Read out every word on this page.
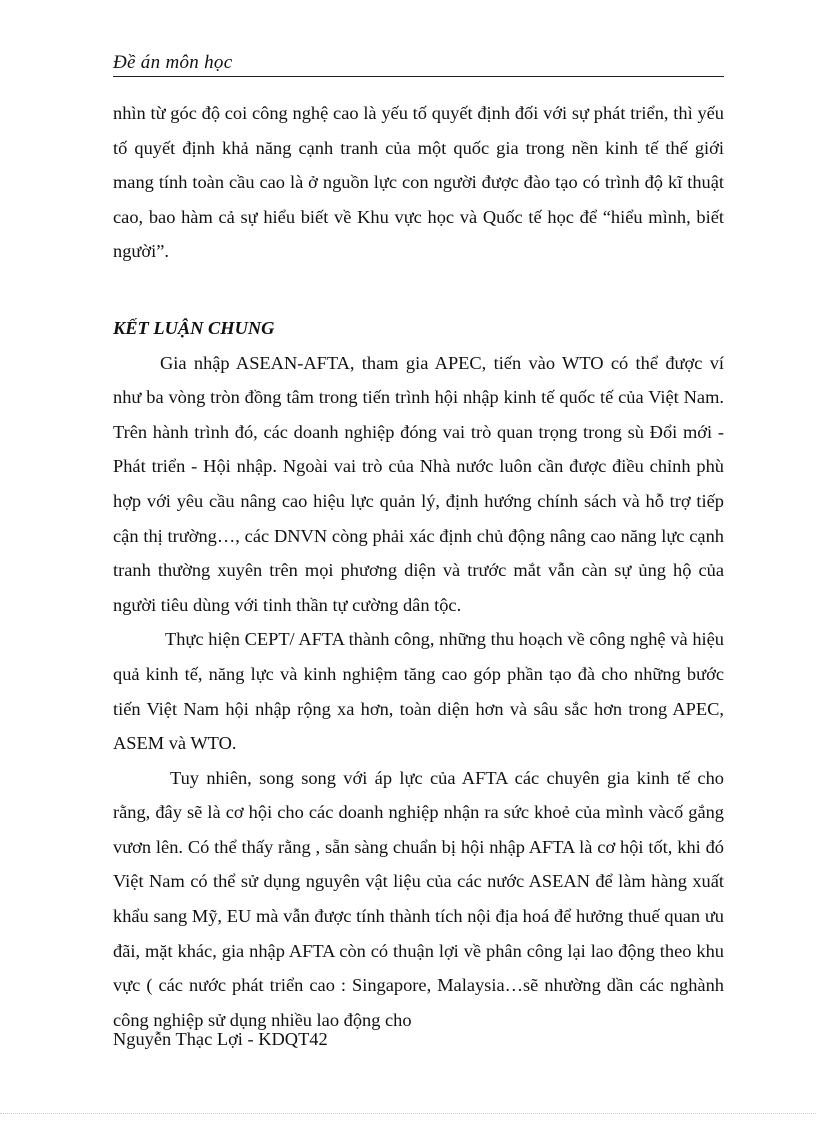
Đề án môn học

nhìn từ góc độ coi công nghệ cao là yếu tố quyết định đối với sự phát triển, thì yếu tố quyết định khả năng cạnh tranh của một quốc gia trong nền kinh tế thế giới mang tính toàn cầu cao là ở nguồn lực con người được đào tạo có trình độ kĩ thuật cao, bao hàm cả sự hiểu biết về Khu vực học và Quốc tế học để “hiểu mình, biết người”.

KẾT LUẬN CHUNG

Gia nhập ASEAN-AFTA, tham gia APEC, tiến vào WTO có thể được ví như ba vòng tròn đồng tâm trong tiến trình hội nhập kinh tế quốc tế của Việt Nam. Trên hành trình đó, các doanh nghiệp đóng vai trò quan trọng trong sù Đổi mới - Phát triển - Hội nhập. Ngoài vai trò của Nhà nước luôn cần được điều chỉnh phù hợp với yêu cầu nâng cao hiệu lực quản lý, định hướng chính sách và hỗ trợ tiếp cận thị trường…, các DNVN còng phải xác định chủ động nâng cao năng lực cạnh tranh thường xuyên trên mọi phương diện và trước mắt vẫn càn sự ủng hộ của người tiêu dùng với tinh thần tự cường dân tộc.

Thực hiện CEPT/ AFTA thành công, những thu hoạch về công nghệ và hiệu quả kinh tế, năng lực và kinh nghiệm tăng cao góp phần tạo đà cho những bước tiến Việt Nam hội nhập rộng xa hơn, toàn diện hơn và sâu sắc hơn trong APEC, ASEM và WTO.

Tuy nhiên, song song với áp lực của AFTA các chuyên gia kinh tế cho rằng, đây sẽ là cơ hội cho các doanh nghiệp nhận ra sức khoẻ của mình vàcố gắng vươn lên. Có thể thấy rằng , sẵn sàng chuẩn bị hội nhập AFTA là cơ hội tốt, khi đó Việt Nam có thể sử dụng nguyên vật liệu của các nước ASEAN để làm hàng xuất khẩu sang Mỹ, EU mà vẫn được tính thành tích nội địa hoá để hưởng thuế quan ưu đãi, mặt khác, gia nhập AFTA còn có thuận lợi về phân công lại lao động theo khu vực ( các nước phát triển cao : Singapore, Malaysia…sẽ nhường dần các nghành công nghiệp sử dụng nhiều lao động cho

Nguyễn Thạc Lợi - KDQT42
